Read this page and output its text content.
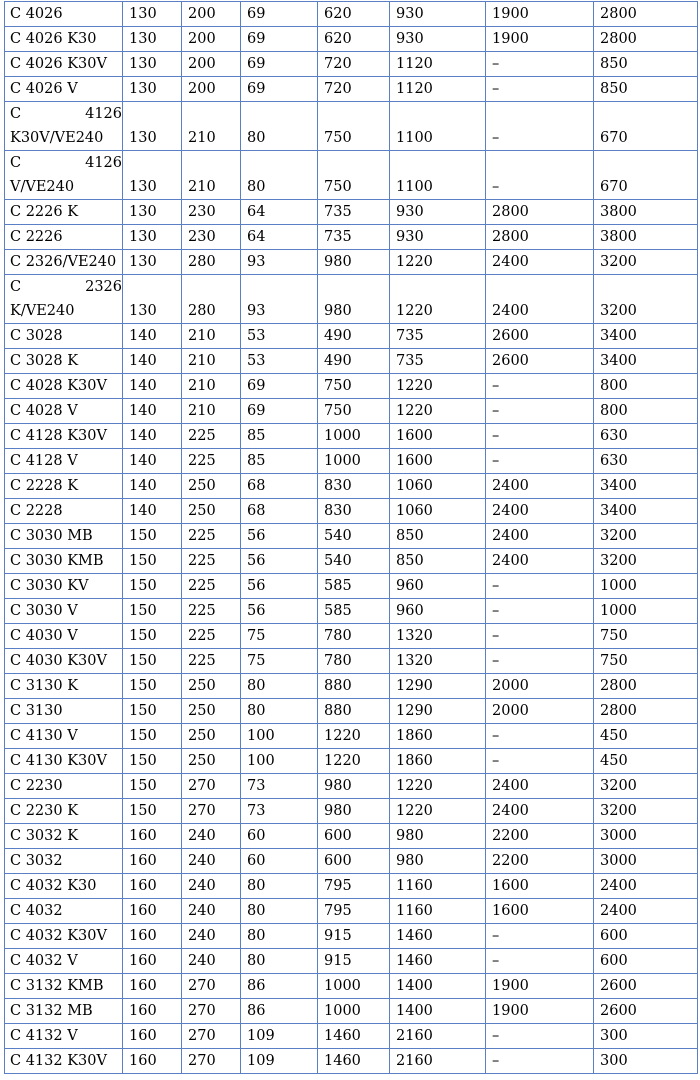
C 4026	130	200	69	620	930	1900	2800
C 4026 K30	130	200	69	620	930	1900	2800
C 4026 K30V	130	200	69	720	1120	–	850
C 4026 V	130	200	69	720	1120	–	850

C 4126
K30V/VE240	130	210	80	750	1100	–	670

C 4126
V/VE240	130	210	80	750	1100	–	670
C 2226 K	130	230	64	735	930	2800	3800
C 2226	130	230	64	735	930	2800	3800
C 2326/VE240	130	280	93	980	1220	2400	3200

C 2326
K/VE240	130	280	93	980	1220	2400	3200
C 3028	140	210	53	490	735	2600	3400
C 3028 K	140	210	53	490	735	2600	3400
C 4028 K30V	140	210	69	750	1220	–	800
C 4028 V	140	210	69	750	1220	–	800
C 4128 K30V	140	225	85	1000	1600	–	630
C 4128 V	140	225	85	1000	1600	–	630
C 2228 K	140	250	68	830	1060	2400	3400
C 2228	140	250	68	830	1060	2400	3400
C 3030 MB	150	225	56	540	850	2400	3200
C 3030 KMB	150	225	56	540	850	2400	3200
C 3030 KV	150	225	56	585	960	–	1000
C 3030 V	150	225	56	585	960	–	1000
C 4030 V	150	225	75	780	1320	–	750
C 4030 K30V	150	225	75	780	1320	–	750
C 3130 K	150	250	80	880	1290	2000	2800
C 3130	150	250	80	880	1290	2000	2800
C 4130 V	150	250	100	1220	1860	–	450
C 4130 K30V	150	250	100	1220	1860	–	450
C 2230	150	270	73	980	1220	2400	3200
C 2230 K	150	270	73	980	1220	2400	3200
C 3032 K	160	240	60	600	980	2200	3000
C 3032	160	240	60	600	980	2200	3000
C 4032 K30	160	240	80	795	1160	1600	2400
C 4032	160	240	80	795	1160	1600	2400
C 4032 K30V	160	240	80	915	1460	–	600
C 4032 V	160	240	80	915	1460	–	600
C 3132 KMB	160	270	86	1000	1400	1900	2600
C 3132 MB	160	270	86	1000	1400	1900	2600
C 4132 V	160	270	109	1460	2160	–	300
C 4132 K30V	160	270	109	1460	2160	–	300
